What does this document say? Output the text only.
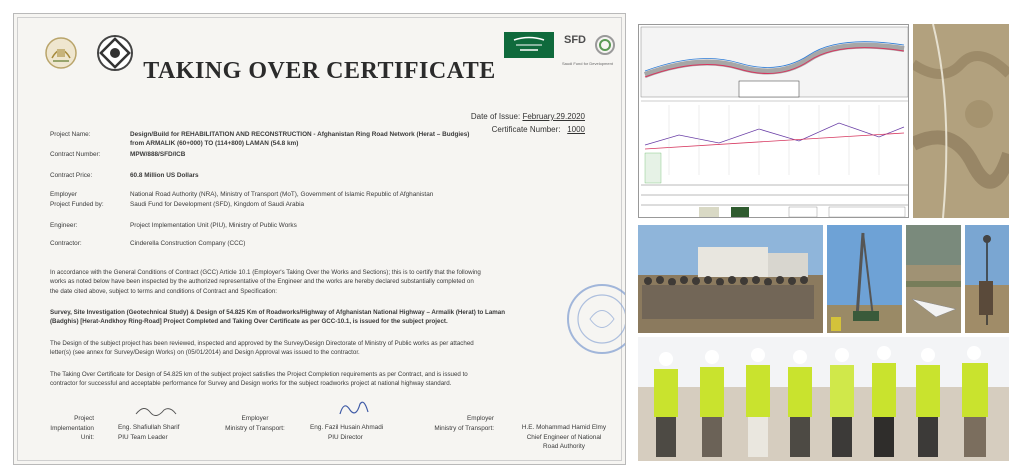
SFD
Saudi Fund for Development
TAKING OVER CERTIFICATE
Date of Issue: February.29.2020
Certificate Number: 1000
Project Name:	Design/Build for REHABILITATION AND RECONSTRUCTION - Afghanistan Ring Road Network (Herat – Budgies)
from ARMALIK (60+000) TO (114+800) LAMAN (54.8 km)
Contract Number:	MPW/888/SFD/ICB
Contract Price:	60.8 Million US Dollars
Employer	National Road Authority (NRA), Ministry of Transport (MoT), Government of Islamic Republic of Afghanistan
Project Funded by:	Saudi Fund for Development (SFD), Kingdom of Saudi Arabia
Engineer:	Project Implementation Unit (PIU), Ministry of Public Works
Contractor:	Cinderella Construction Company (CCC)
In accordance with the General Conditions of Contract (GCC) Article 10.1 (Employer's Taking Over the Works and Sections); this is to certify that the following
works as noted below have been inspected by the authorized representative of the Engineer and the works are hereby declared substantially completed on
the date cited above, subject to terms and conditions of Contract and Specification:
Survey, Site Investigation (Geotechnical Study) & Design of 54.825 Km of Roadworks/Highway of Afghanistan National Highway – Armalik (Herat) to Laman
(Badghis) [Herat-Andkhoy Ring-Road] Project Completed and Taking Over Certificate as per GCC-10.1, is issued for the subject project.
The Design of the subject project has been reviewed, inspected and approved by the Survey/Design Directorate of Ministry of Public works as per attached
letter(s) (see annex for Survey/Design Works) on (05/01/2014) and Design Approval was issued to the contractor.
The Taking Over Certificate for Design of 54.825 km of the subject project satisfies the Project Completion requirements as per Contract, and is issued to
contractor for successful and acceptable performance for Survey and Design works for the subject roadworks project at national highway standard.
Project
Implementation
Unit:
Eng. Shafiullah Sharif
PIU Team Leader
Employer
Ministry of Transport:	Eng. Fazil Husain Ahmadi
PIU Director
Employer
Ministry of Transport:	H.E. Mohammad Hamid Elmy
Chief Engineer of National
Road Authority
